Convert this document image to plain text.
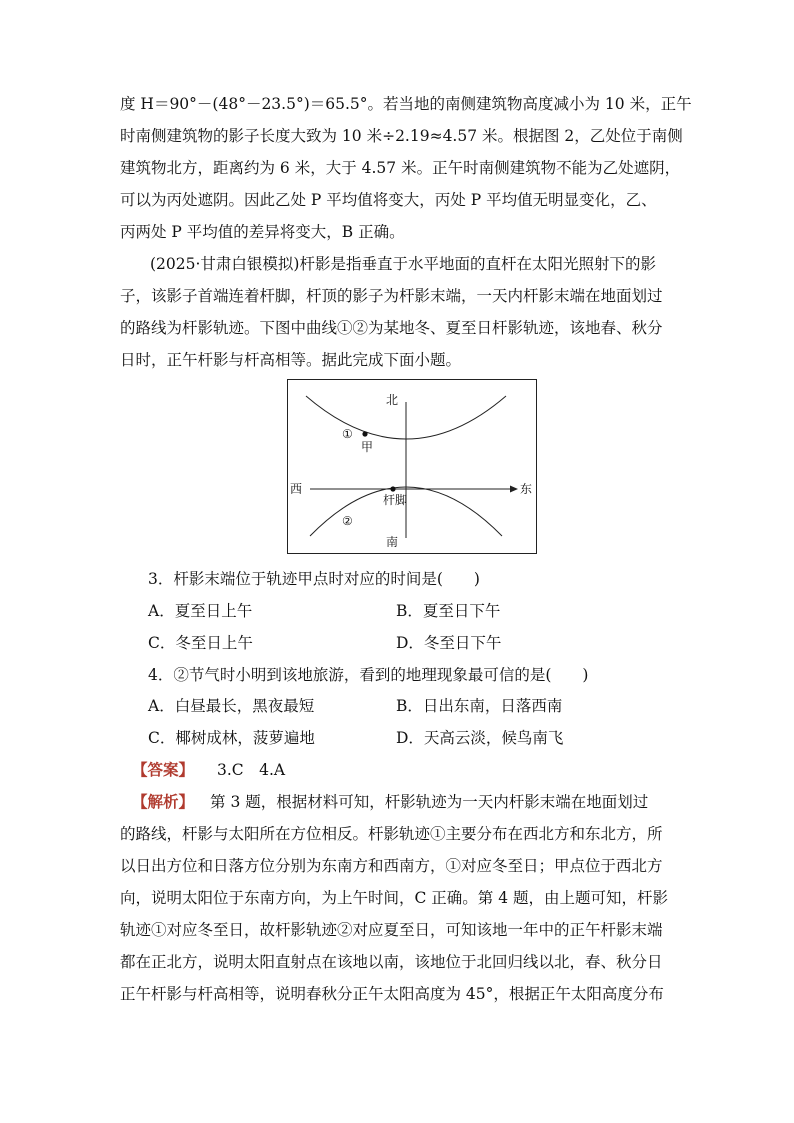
度 H＝90°－(48°－23.5°)＝65.5°。若当地的南侧建筑物高度减小为 10 米，正午
时南侧建筑物的影子长度大致为 10 米÷2.19≈4.57 米。根据图 2，乙处位于南侧
建筑物北方，距离约为 6 米，大于 4.57 米。正午时南侧建筑物不能为乙处遮阴，
可以为丙处遮阴。因此乙处 P 平均值将变大，丙处 P 平均值无明显变化，乙、
丙两处 P 平均值的差异将变大，B 正确。
(2025·甘肃白银模拟)杆影是指垂直于水平地面的直杆在太阳光照射下的影
子，该影子首端连着杆脚，杆顶的影子为杆影末端，一天内杆影末端在地面划过
的路线为杆影轨迹。下图中曲线①②为某地冬、夏至日杆影轨迹，该地春、秋分
日时，正午杆影与杆高相等。据此完成下面小题。
北
南
东
西
①
②
甲
杆脚

3．杆影末端位于轨迹甲点时对应的时间是(　　)

A．夏至日上午	B．夏至日下午
C．冬至日上午	D．冬至日下午

4．②节气时小明到该地旅游，看到的地理现象最可信的是(　　)

A．白昼最长，黑夜最短	B．日出东南，日落西南
C．椰树成林，菠萝遍地	D．天高云淡，候鸟南飞
【答案】 3.C　4.A
【解析】 第 3 题，根据材料可知，杆影轨迹为一天内杆影末端在地面划过
的路线，杆影与太阳所在方位相反。杆影轨迹①主要分布在西北方和东北方，所
以日出方位和日落方位分别为东南方和西南方，①对应冬至日；甲点位于西北方
向，说明太阳位于东南方向，为上午时间，C 正确。第 4 题，由上题可知，杆影
轨迹①对应冬至日，故杆影轨迹②对应夏至日，可知该地一年中的正午杆影末端
都在正北方，说明太阳直射点在该地以南，该地位于北回归线以北，春、秋分日
正午杆影与杆高相等，说明春秋分正午太阳高度为 45°，根据正午太阳高度分布
